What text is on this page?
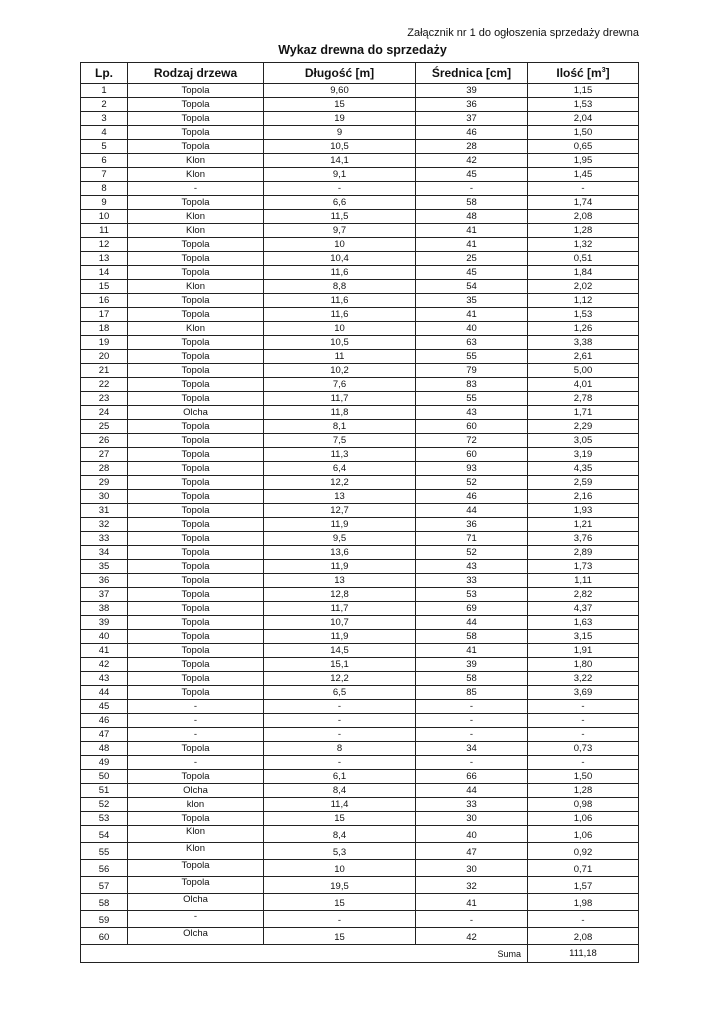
Załącznik nr 1 do ogłoszenia sprzedaży drewna
Wykaz drewna do sprzedaży
Lp.	Rodzaj drzewa	Długość [m]	Średnica [cm]	Ilość $[m^3]$
1	Topola	9,60	39	1,15
2	Topola	15	36	1,53
3	Topola	19	37	2,04
4	Topola	9	46	1,50
5	Topola	10,5	28	0,65
6	Klon	14,1	42	1,95
7	Klon	9,1	45	1,45
8	-	-	-	-
9	Topola	6,6	58	1,74
10	Klon	11,5	48	2,08
11	Klon	9,7	41	1,28
12	Topola	10	41	1,32
13	Topola	10,4	25	0,51
14	Topola	11,6	45	1,84
15	Klon	8,8	54	2,02
16	Topola	11,6	35	1,12
17	Topola	11,6	41	1,53
18	Klon	10	40	1,26
19	Topola	10,5	63	3,38
20	Topola	11	55	2,61
21	Topola	10,2	79	5,00
22	Topola	7,6	83	4,01
23	Topola	11,7	55	2,78
24	Olcha	11,8	43	1,71
25	Topola	8,1	60	2,29
26	Topola	7,5	72	3,05
27	Topola	11,3	60	3,19
28	Topola	6,4	93	4,35
29	Topola	12,2	52	2,59
30	Topola	13	46	2,16
31	Topola	12,7	44	1,93
32	Topola	11,9	36	1,21
33	Topola	9,5	71	3,76
34	Topola	13,6	52	2,89
35	Topola	11,9	43	1,73
36	Topola	13	33	1,11
37	Topola	12,8	53	2,82
38	Topola	11,7	69	4,37
39	Topola	10,7	44	1,63
40	Topola	11,9	58	3,15
41	Topola	14,5	41	1,91
42	Topola	15,1	39	1,80
43	Topola	12,2	58	3,22
44	Topola	6,5	85	3,69
45	-	-	-	-
46	-	-	-	-
47	-	-	-	-
48	Topola	8	34	0,73
49	-	-	-	-
50	Topola	6,1	66	1,50
51	Olcha	8,4	44	1,28
52	klon	11,4	33	0,98
53	Topola	15	30	1,06
54	Klon	8,4	40	1,06
55	Klon	5,3	47	0,92
56	Topola	10	30	0,71
57	Topola	19,5	32	1,57
58	Olcha	15	41	1,98
59	-	-	-	-
60	Olcha	15	42	2,08
			Suma	111,18
